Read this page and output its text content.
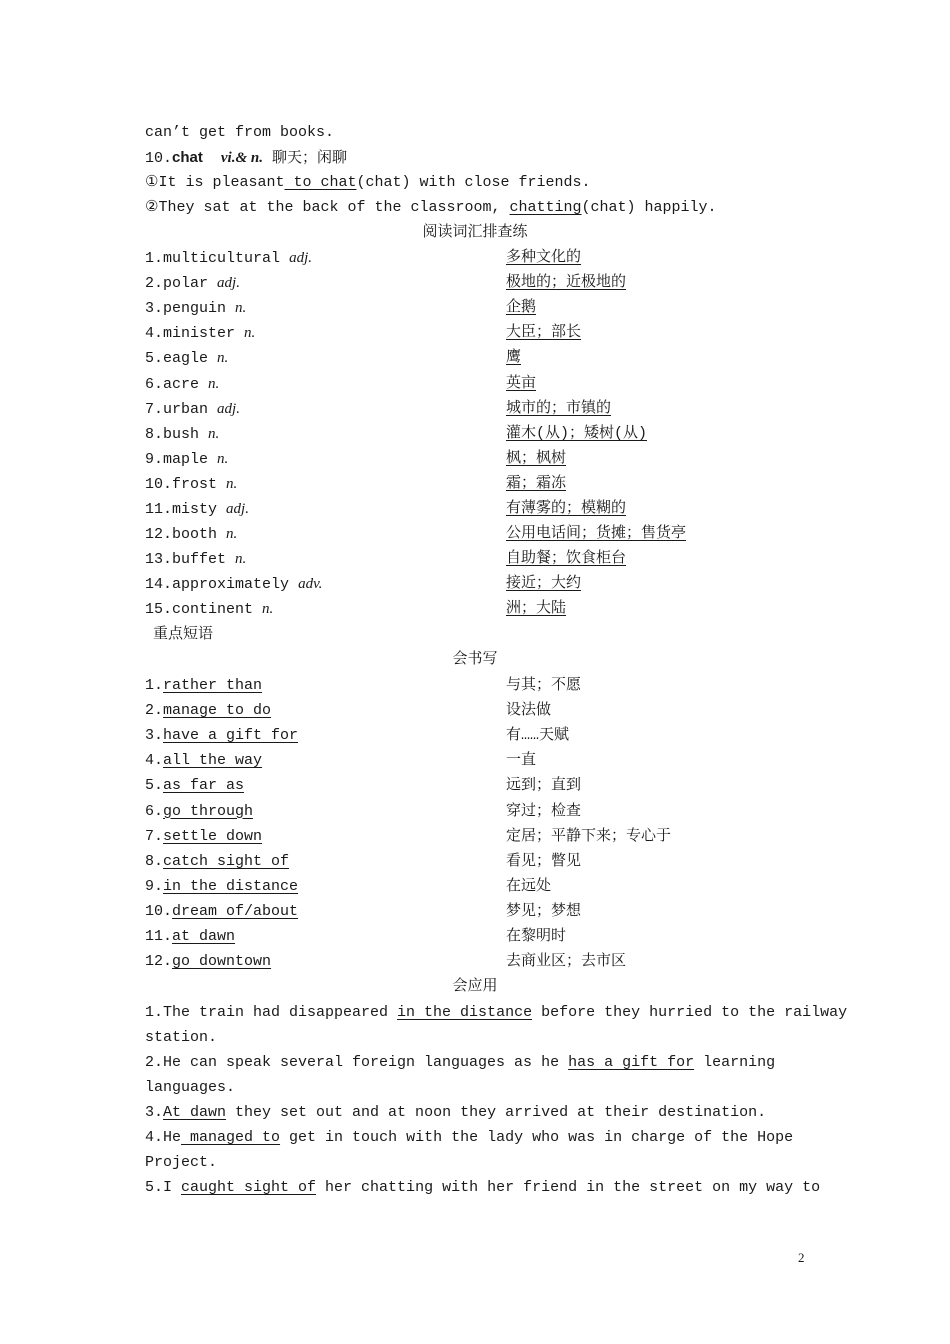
can’t get from books.
10.chat vi.& n. 聊天；闲聊
①It is pleasant to chat(chat) with close friends.
②They sat at the back of the classroom, chatting(chat) happily.
阅读词汇排查练
1.multicultural adj.	多种文化的
2.polar adj.	极地的；近极地的
3.penguin n.	企鹅
4.minister n.	大臣；部长
5.eagle n.	鹰
6.acre n.	英亩
7.urban adj.	城市的；市镇的
8.bush n.	灌木(从)；矮树(从)
9.maple n.	枫；枫树
10.frost n.	霜；霜冻
11.misty adj.	有薄雾的；模糊的
12.booth n.	公用电话间；货摊；售货亭
13.buffet n.	自助餐；饮食柜台
14.approximately adv.	接近；大约
15.continent n.	洲；大陆
重点短语
会书写
1.rather than	与其；不愿
2.manage to do	设法做
3.have a gift for	有……天赋
4.all the way	一直
5.as far as	远到；直到
6.go through	穿过；检查
7.settle down	定居；平静下来；专心于
8.catch sight of	看见；瞥见
9.in the distance	在远处
10.dream of/about	梦见；梦想
11.at dawn	在黎明时
12.go downtown	去商业区；去市区
会应用
1.The train had disappeared in the distance before they hurried to the railway
station.
2.He can speak several foreign languages as he has a gift for learning
languages.
3.At dawn they set out and at noon they arrived at their destination.
4.He managed to get in touch with the lady who was in charge of the Hope
Project.
5.I caught sight of her chatting with her friend in the street on my way to
2
